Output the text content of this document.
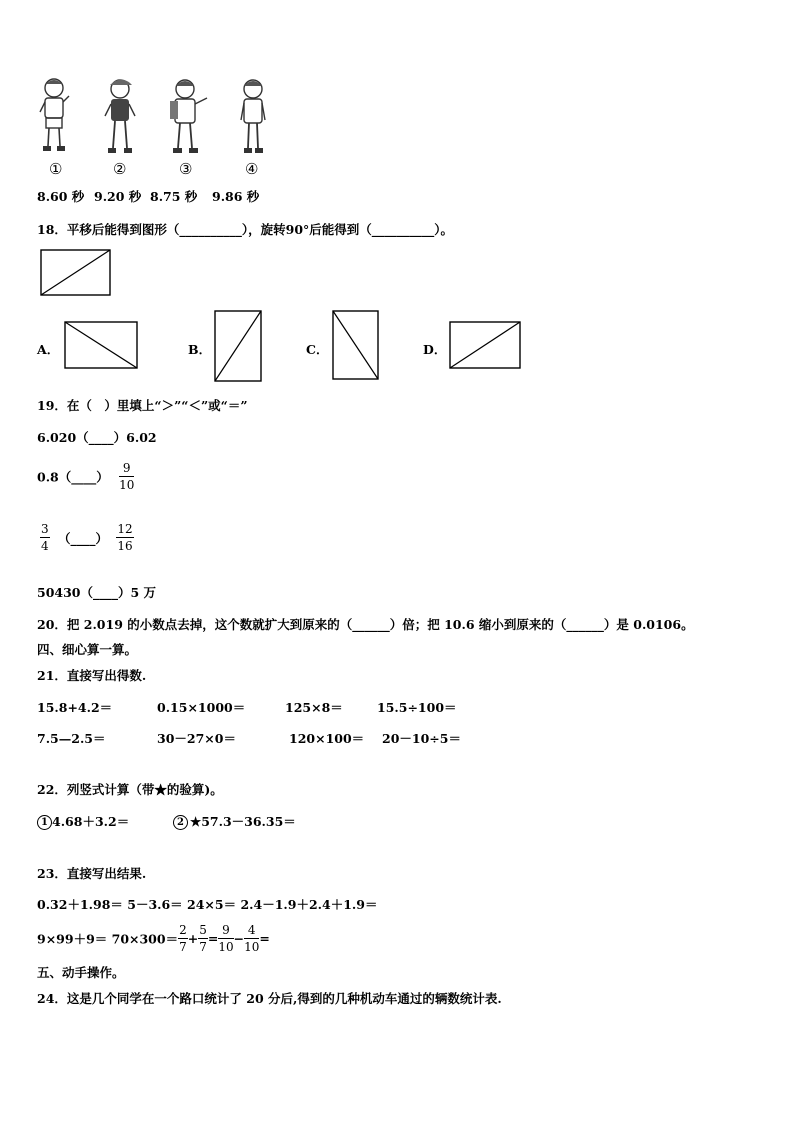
①	②	③	④
8.60 秒 9.20 秒 8.75 秒 9.86 秒
18．平移后能得到图形（__________），旋转90°后能得到（__________）。
A．	B．	C．	D．
19．在（　）里填上“＞”“＜”或“＝”
6.020（____）6.02
0.8（____） $\frac{9}{10}$
$\frac{3}{4}$ （____） $\frac{12}{16}$
50430（____）5 万
20．把 2.019 的小数点去掉，这个数就扩大到原来的（______）倍；把 10.6 缩小到原来的（______）是 0.0106。
四、细心算一算。
21．直接写出得数.
15.8+4.2＝	0.15×1000＝	125×8＝	15.5÷100＝
7.5—2.5＝	30－27×0＝	120×100＝ 20－10÷5＝
22．列竖式计算（带★的验算)。
1 4.68＋3.2＝	2 ★57.3－36.35＝
23．直接写出结果.
0.32＋1.98＝ 5－3.6＝ 24×5＝ 2.4－1.9＋2.4＋1.9＝
$9\times 99+9= 70\times 300= \frac{2}{7} + \frac{5}{7} = \frac{9}{10} - \frac{4}{10}$ =
五、动手操作。
24．这是几个同学在一个路口统计了 20 分后,得到的几种机动车通过的辆数统计表.
